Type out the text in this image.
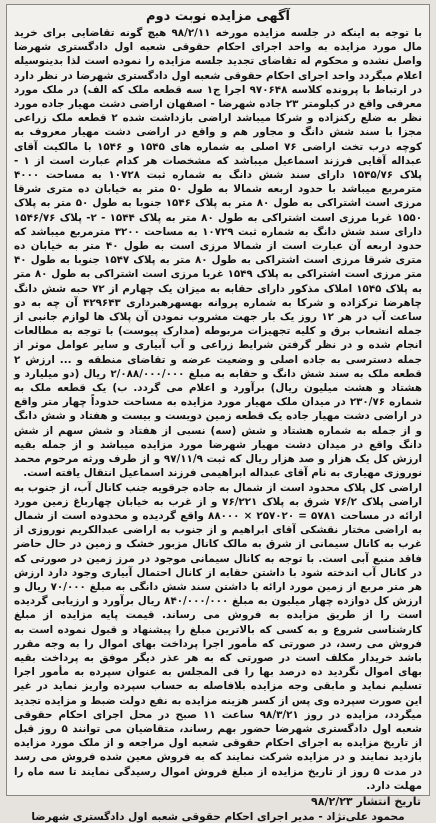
آگهی مزایده نوبت دوم

با توجه به اینکه در جلسه مزایده مورخه ۹۸/۲/۱۱ هیچ گونه تقاضایی برای خرید مال مورد مزایده به واحد اجرای احکام حقوقی شعبه اول دادگستری شهرضا واصل نشده و محکوم له تقاضای تجدید جلسه مزایده را نموده است لذا بدینوسیله اعلام میگردد واحد اجرای احکام حقوقی شعبه اول دادگستری شهرضا در نظر دارد در ارتباط با پرونده کلاسه ۹۷۰۶۴۸ اجرا ج۱ سه قطعه ملک که الف) در ملک مورد معرفی واقع در کیلومتر ۲۳ جاده شهرضا - اصفهان اراضی دشت مهیار جاده مورد نظر به ضلع رکنزاده و شرکا میباشد اراضی بازداشت شده ۲ قطعه ملک زراعی مجزا با سند شش دانگ و مجاور هم و واقع در اراضی دشت مهیار معروف به کوچه درب تخت اراضی ۷۶ اصلی به شماره های ۱۵۴۵ و ۱۵۴۶ با مالکیت آقای عبداله آقایی فرزند اسماعیل میباشد که مشخصات هر کدام عبارت است از ۱ - پلاک ۱۵۴۵/۷۶ دارای سند شش دانگ به شماره ثبت ۱۰۷۲۸ به مساحت ۴۰۰۰ مترمربع میباشد با حدود اربعه شمالا به طول ۵۰ متر به خیابان ده متری شرقا مرزی است اشتراکی به طول ۸۰ متر به پلاک ۱۵۴۶ جنوبا به طول ۵۰ متر به پلاک ۱۵۵۰ غربا مرزی است اشتراکی به طول ۸۰ متر به پلاک ۱۵۴۴ - ۲- پلاک ۱۵۴۶/۷۶ دارای سند شش دانگ به شماره ثبت ۱۰۷۲۹ به مساحت ۳۲۰۰ مترمربع میباشد که حدود اربعه آن عبارت است از شمالا مرزی است به طول ۴۰ متر به خیابان ده متری شرقا مرزی است اشتراکی به طول ۸۰ متر به پلاک ۱۵۴۷ جنوبا به طول ۴۰ متر مرزی است اشتراکی به پلاک ۱۵۴۹ غربا مرزی است اشتراکی به طول ۸۰ متر به پلاک ۱۵۴۵ املاک مذکور دارای حقابه به میزان یک چهارم از ۷۲ حبه شش دانگ چاهرضا ترکزاده و شرکا به شماره پروانه بهسهرهبرداری ۴۲۹۶۴۳ آن چه به دو ساعت آب در هر ۱۲ روز یک بار جهت مشروب نمودن آن پلاک ها لوازم جانبی از جمله انشعاب برق و کلیه تجهیزات مربوطه (مدارک پیوست) با توجه به مطالعات انجام شده و در نظر گرفتن شرایط زراعی و آب آبیاری و سایر عوامل موثر از جمله دسترسی به جاده اصلی و وضعیت عرضه و تقاضای منطقه و ... ارزش ۲ قطعه ملک به سند شش دانگ و حقابه به مبلغ ۲/۰۸۸/۰۰۰/۰۰۰ ریال (دو میلیارد و هشتاد و هشت میلیون ریال) برآورد و اعلام می گردد. ب) یک قطعه ملک به شماره ۲۳۰/۷۶ در میدان ملک مهیار مورد مزایده به مساحت حدوداً چهار متر واقع در اراضی دشت مهیار جاده یک قطعه زمین دویست و بیست و هفتاد و شش دانگ و از جمله به شماره هشتاد و شش (سه) نسبی از هفتاد و شش سهم از شش دانگ واقع در میدان دشت مهیار شهرضا مورد مزایده میباشد و از جمله بقیه ارزش کل یک هزار و صد هزار ریال که ثبت ۹۷/۱۱/۹ و از طرف ورثه مرحوم محمد نوروزی مهیاری به نام آقای عبداله ابراهیمی فرزند اسماعیل انتقال یافته است.

اراضی کل پلاک محدود است از شمال به جاده جرقویه جنب کانال آب، از جنوب به اراضی پلاک ۷۶/۲ شرق به پلاک ۷۶/۲۲۱ و از غرب به خیابان چهارباغ زمین مورد ارائه در مساحت ۵۷۸۱ = ۲۵۷۰۲۰ × ۸۸۰۰۰ واقع گردیده و محدوده است از شمال به اراضی مختار نقشکی آقای ابراهیم و از جنوب به اراضی عبدالکریم نوروزی از غرب به کانال سیمانی از شرق به مالک کانال مزبور خشک و زمین در حال حاضر فاقد منبع آبی است. با توجه به کانال سیمانی موجود در مرز زمین در صورتی که در کانال آب اندخته شود با داشتن حقابه از کانال احتمال آبیاری وجود دارد ارزش هر متر مربع از زمین مورد ارائه با داشتن سند شش دانگی به مبلغ ۷۰/۰۰۰ ریال و ارزش کل دوازده چهار میلیون به مبلغ ۸۴۰/۰۰۰/۰۰۰ ریال برآورد و ارزیابی گردیده است را از طریق مزایده به فروش می رساند. قیمت پایه مزایده از مبلغ کارشناسی شروع و به کسی که بالاترین مبلغ را پیشنهاد و قبول نموده است به فروش می رسد، در صورتی که مأمور اجرا پرداخت بهای اموال را به وجه مقرر باشد خریدار مکلف است در صورتی که به هر عذر دیگر موفق به پرداخت بقیه بهای اموال نگردید ده درصد بها را فی المجلس به عنوان سپرده به مأمور اجرا تسلیم نماید و مابقی وجه مزایده بلافاصله به حساب سپرده واریز نماید در غیر این صورت سپرده وی پس از کسر هزینه مزایده به نفع دولت ضبط و مزایده تجدید میگردد، مزایده در روز ۹۸/۳/۲۱ ساعت ۱۱ صبح در محل اجرای احکام حقوقی شعبه اول دادگستری شهرضا حضور بهم رساند، متقاضیان می توانند ۵ روز قبل از تاریخ مزایده به اجرای احکام حقوقی شعبه اول مراجعه و از ملک مورد مزایده بازدید نمایند و در مزایده شرکت نمایند که به فروش معین شده فروش می رسد در مدت ۵ روز از تاریخ مزایده از مبلغ فروش اموال رسیدگی نمایند تا سه ماه را مهلت دارد.

تاریخ انتشار ۹۸/۲/۲۳
محمود علی‌نژاد - مدیر اجرای احکام حقوقی شعبه اول دادگستری شهرضا
